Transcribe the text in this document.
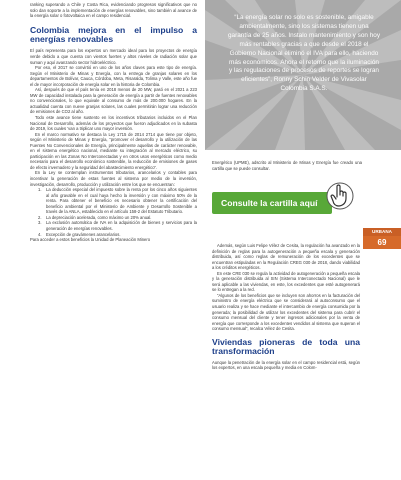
ranking superando a Chile y Costa Rica, evidenciando progresos significativos que no solo dan soporte a la implementación de energías renovables, sino también al avance de la energía solar o fotovoltaica en el campo residencial.

Colombia mejora en el impulso a energías renovables

El país representa para los expertos un mercado ideal para los proyectos de energía verde debido a que cuenta con vientos fuertes y altos niveles de radiación solar que suman y aquí avanzando sector hidroeléctrico.

Por eso, el 2017 se convirtió en uno de los años claves para este tipo de energía. Según el Ministerio de Minas y Energía, con la entrega de granjas solares en los departamentos de Bolívar, Cauca, Córdoba, Meta, Risaralda, Tolima y Valle, este año fue el de mayor incorporación de energía solar en la historia de Colombia.

Así, después de que el país tenía en 2018 menos de 20 MW, pasó en el 2021 a 223 MW de capacidad instalada para la generación de energía a partir de fuentes renovables no convencionales, lo que equivale al consumo de más de 200.000 hogares. En la actualidad cuenta con nueve granjas solares, las cuales permitirán lograr una reducción de emisiones de CO2 al año.

Todo este avance tiene sustento en los incentivos tributarios incluidos en el Plan Nacional de Desarrollo, además de los proyectos que fueron adjudicados en la subasta de 2019, los cuales ‘van a triplicar uno mayor inversión.

En el marco normativo se destaca la Ley 1715 de 2014 2714 que tiene por objeto, según el Ministerio de Minas y Energía, “promover el desarrollo y la utilización de las Fuentes No Convencionales de Energía, principalmente aquellas de carácter renovable, en el sistema energético nacional, mediante su integración al mercado eléctrico, su participación en las Zonas No Interconectadas y en otros usos energéticos como medio necesario para el desarrollo económico sostenible, la reducción de emisiones de gases de efecto invernadero y la seguridad del abastecimiento energético”.

En la Ley se contemplan instrumentos tributarios, arancelarios y contables para incentivar la generación de estas fuentes al sistema por medio de la inversión, investigación, desarrollo, producción y utilización entre los que se encuentran:

1. La deducción especial del impuesto sobre la renta por los cinco años siguientes al año gravable en el cual haya hecho la inversión y con máximo 50% de la renta. Para obtener el beneficio es necesario obtener la certificación del beneficio ambiental por el Ministerio de Ambiente y Desarrollo Sostenible a través de la ANLA, establecido en el artículo 158-2 del Estatuto Tributario.
2. La depreciación acelerada, como máximo un 20% anual.
3. La exclusión automática de IVA en la adquisición de bienes y servicios para la generación de energías renovables.
4. Excepción de gravámenes arancelarios.

Para acceder a estos beneficios la Unidad de Planeación Minero

“La energía solar no solo es sostenible, amigable ambientalmente, sino los sistemas tienen una garantía de 25 años. Instalo mantenimiento y son hoy más rentables gracias a que desde el 2018 el Gobierno Nacional eliminó el IVA para ello, haciendo más económicos. Ahora el retorno que la iluminación y las regulaciones de procesos de reportes se logran eficientes”, Ronny Schin Velder de Vivasolar Colombia S.A.S.

Energético (UPME), adscrito al Ministerio de Minas y Energía fue creado una cartilla que se puede consultar.

Consulte la cartilla aquí
URBANA
69

Además, según Luis Felipe Vélez de Cesita, la regulación ha avanzado en la definición de reglas para la autogeneración a pequeña escala y generación distribuida, así como reglas de remuneración de los excedentes que se encuentran estipuladas en la Regulación CREG 030 de 2018, dando viabilidad a los créditos energéticos.

En este CRE 030 se regula la actividad de autogeneración a pequeña escala y la generación distribuida al SIN (Sistema Interconectado Nacional) que le será aplicable a las viviendas, en este, los excedentes que esté autogenerará se lo entregan a la red.

“Algunos de los beneficios que se incluyen son ahorros en la facturación del suministro de energía eléctrica que se considerará al autoconsumo que el usuario realiza y se hace mediante el intercambio de energía consumida por la generada; la posibilidad de utilizar los excedentes del sistema para cubrir el consumo mensual del cliente y tener ingresos adicionales por la venta de energía que corresponde a los excedentes vendidos al sistema que superan el consumo mensual”, recalca Vélez de Cesita.

Viviendas pioneras de toda una transformación

Aunque la penetración de la energía solar en el campo residencial está, según los expertos, en una escala pequeña y media en Colom-
